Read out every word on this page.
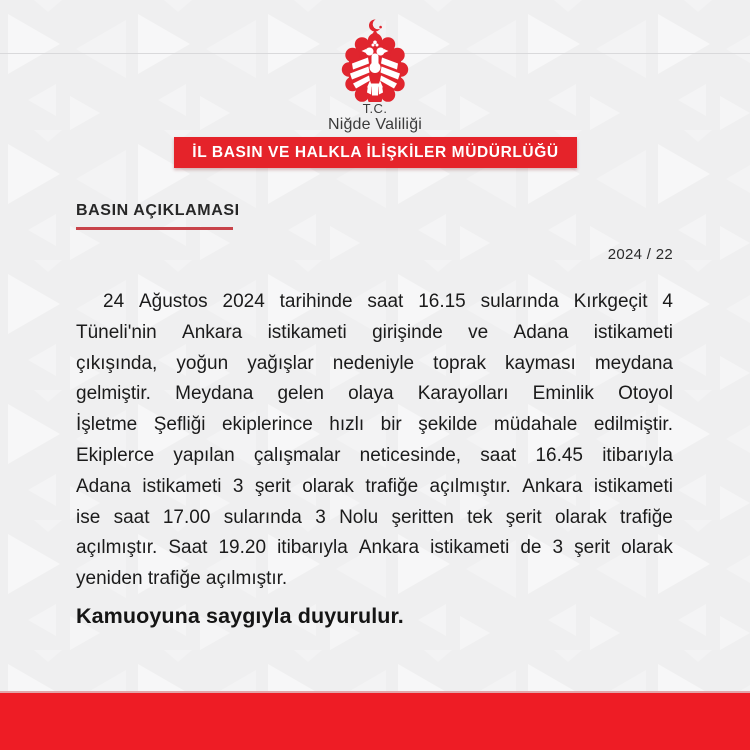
T.C.
Niğde Valiliği
İL BASIN VE HALKLA İLİŞKİLER MÜDÜRLÜĞÜ
BASIN AÇIKLAMASI
2024 / 22
24 Ağustos 2024 tarihinde saat 16.15 sularında Kırkgeçit 4
Tüneli'nin Ankara istikameti girişinde ve Adana istikameti
çıkışında, yoğun yağışlar nedeniyle toprak kayması meydana
gelmiştir. Meydana gelen olaya Karayolları Eminlik Otoyol
İşletme Şefliği ekiplerince hızlı bir şekilde müdahale edilmiştir.
Ekiplerce yapılan çalışmalar neticesinde, saat 16.45 itibarıyla
Adana istikameti 3 şerit olarak trafiğe açılmıştır. Ankara istikameti
ise saat 17.00 sularında 3 Nolu şeritten tek şerit olarak trafiğe
açılmıştır. Saat 19.20 itibarıyla Ankara istikameti de 3 şerit olarak
yeniden trafiğe açılmıştır.
Kamuoyuna saygıyla duyurulur.
